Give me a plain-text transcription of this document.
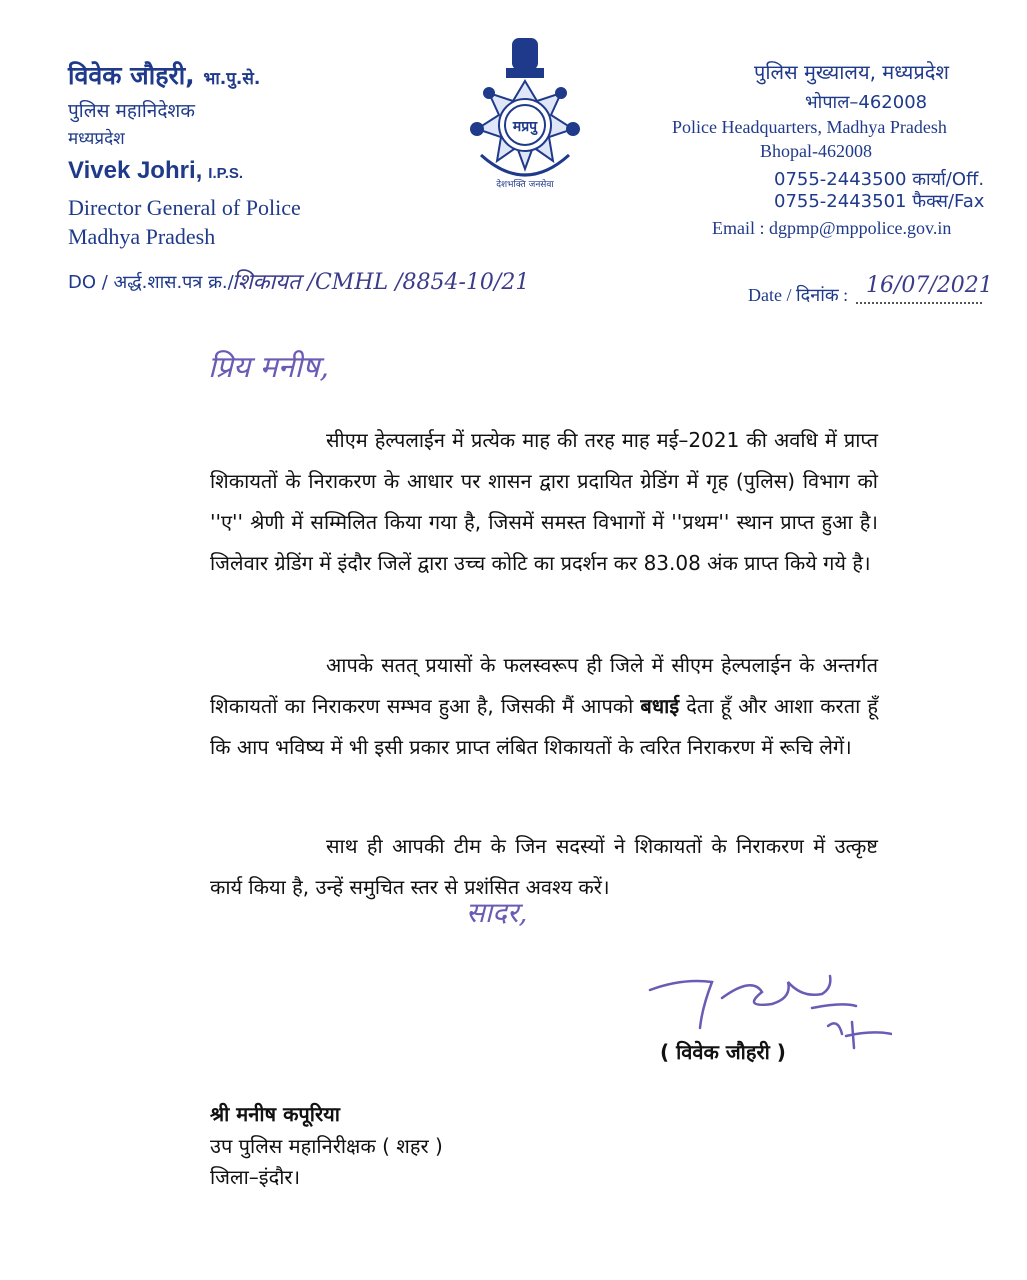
विवेक जौहरी, भा.पु.से.
पुलिस महानिदेशक
मध्यप्रदेश
Vivek Johri, I.P.S.
Director General of Police
Madhya Pradesh
मप्रपु
देशभक्ति जनसेवा
पुलिस मुख्यालय, मध्यप्रदेश
भोपाल–462008
Police Headquarters, Madhya Pradesh
Bhopal-462008
0755-2443500 कार्या/Off.
0755-2443501 फैक्स/Fax
Email : dgpmp@mppolice.gov.in
DO / अर्द्ध.शास.पत्र क्र./
शिकायत /CMHL /8854-10/21	Date / दिनांक : 16/07/2021
प्रिय मनीष,
सीएम हेल्पलाईन में प्रत्येक माह की तरह माह मई–2021 की अवधि में प्राप्त शिकायतों के निराकरण के आधार पर शासन द्वारा प्रदायित ग्रेडिंग में गृह (पुलिस) विभाग को ''ए'' श्रेणी में सम्मिलित किया गया है, जिसमें समस्त विभागों में ''प्रथम'' स्थान प्राप्त हुआ है। जिलेवार ग्रेडिंग में इंदौर जिलें द्वारा उच्च कोटि का प्रदर्शन कर 83.08 अंक प्राप्त किये गये है।
आपके सतत् प्रयासों के फलस्वरूप ही जिले में सीएम हेल्पलाईन के अन्तर्गत शिकायतों का निराकरण सम्भव हुआ है, जिसकी मैं आपको बधाई देता हूँ और आशा करता हूँ कि आप भविष्य में भी इसी प्रकार प्राप्त लंबित शिकायतों के त्वरित निराकरण में रूचि लेगें।
साथ ही आपकी टीम के जिन सदस्यों ने शिकायतों के निराकरण में उत्कृष्ट कार्य किया है, उन्हें समुचित स्तर से प्रशंसित अवश्य करें।
सादर,
( विवेक जौहरी )
श्री मनीष कपूरिया
उप पुलिस महानिरीक्षक ( शहर )
जिला–इंदौर।
